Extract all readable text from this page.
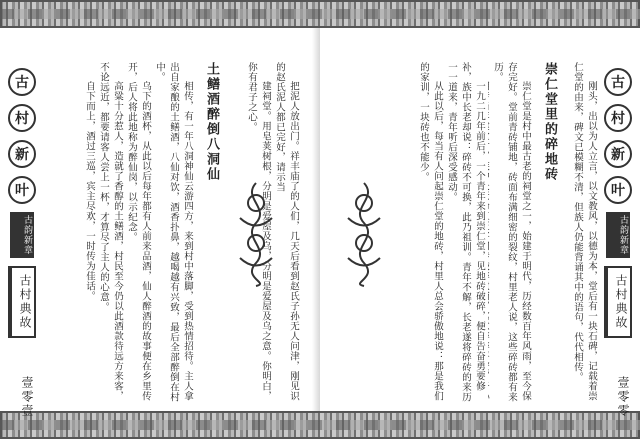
古
村
新
叶
古韵新章
古村典故
壹零壹	把泥人放出门。祥丰庙了的人们，几天后看到赵氏子孙无人问津，刚见识的赵氏泥人都已完好，请示当

建祠堂。用皂荚树根，分明是爱屋及乌，分明是爱屋及乌之意。你明白，你有君子之心。

土鳝酒醉倒八洞仙

相传，有一年八洞神仙云游四方，来到村中落脚，受到热情招待。主人拿出自家酿的土鳝酒，八仙对饮，酒香扑鼻，越喝越有兴致，最后全部醉倒在村中。

乌下的酒杯，从此以后每年都有人前来品酒，仙人醉酒的故事便在乡里传开，后人将此地称为醉仙岗，以示纪念。

高粱十分惹人，造就了香醇的土鳝酒，村民至今仍以此酒款待远方来客，不论远近，都要请客人尝上一杯，才算尽了主人的心意。

自下而上，酒过三巡，宾主尽欢，一时传为佳话。	一九二几年前后，一个青年来到崇仁堂，见地砖破碎，便自告奋勇要修补，族中长老却说：碎砖不可换，此乃祖训。青年不解，长老遂将碎砖的来历一一道来，青年听后深受感动。

从此以后，每当有人问起崇仁堂的地砖，村里人总会骄傲地说：那是我们的家训，一块砖也不能少。	崇仁堂里的碎地砖

崇仁堂是村中最古老的祠堂之一，始建于明代，历经数百年风雨，至今保存完好。堂前青砖铺地，砖面布满细密的裂纹，村里老人说，这些碎砖都有来历。

刚头，出以为人立言，以文教风，以德为本，堂后有一块石碑，记载着崇仁堂的由来，碑文已模糊不清，但族人仍能背诵其中的语句，代代相传。	古
村
新
叶
古韵新章
古村典故
壹零零
